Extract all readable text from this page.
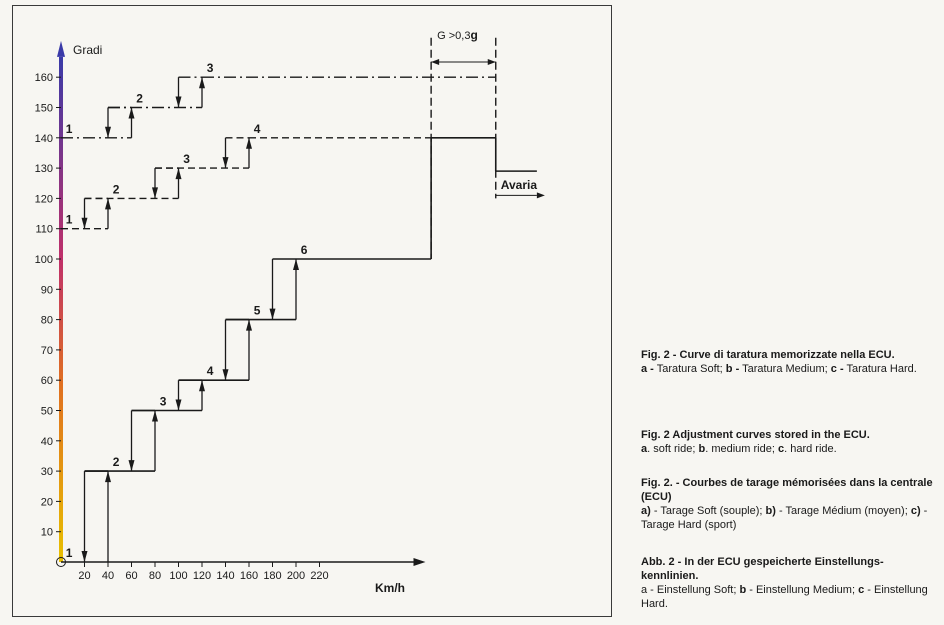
Gradi
Km/h
10
20
30
40
50
60
70
80
90
100
110
120
130
140
150
160
20 40 60 80 100 120 140 160 180 200 220
1
2
3
4
5
6
1
2
3
4
1
2
3
G >0,3g
Avaria
Fig. 2 - Curve di taratura memorizzate nella ECU.
a - Taratura Soft; b - Taratura Medium; c - Taratura Hard.
Fig. 2 Adjustment curves stored in the ECU.
a. soft ride; b. medium ride; c. hard ride.
Fig. 2. - Courbes de tarage mémorisées dans la centrale (ECU)
a) - Tarage Soft (souple); b) - Tarage Médium (moyen); c) - Tarage Hard (sport)
Abb. 2 - In der ECU gespeicherte Einstellungs-kennlinien.
a - Einstellung Soft; b - Einstellung Medium; c - Einstellung Hard.
